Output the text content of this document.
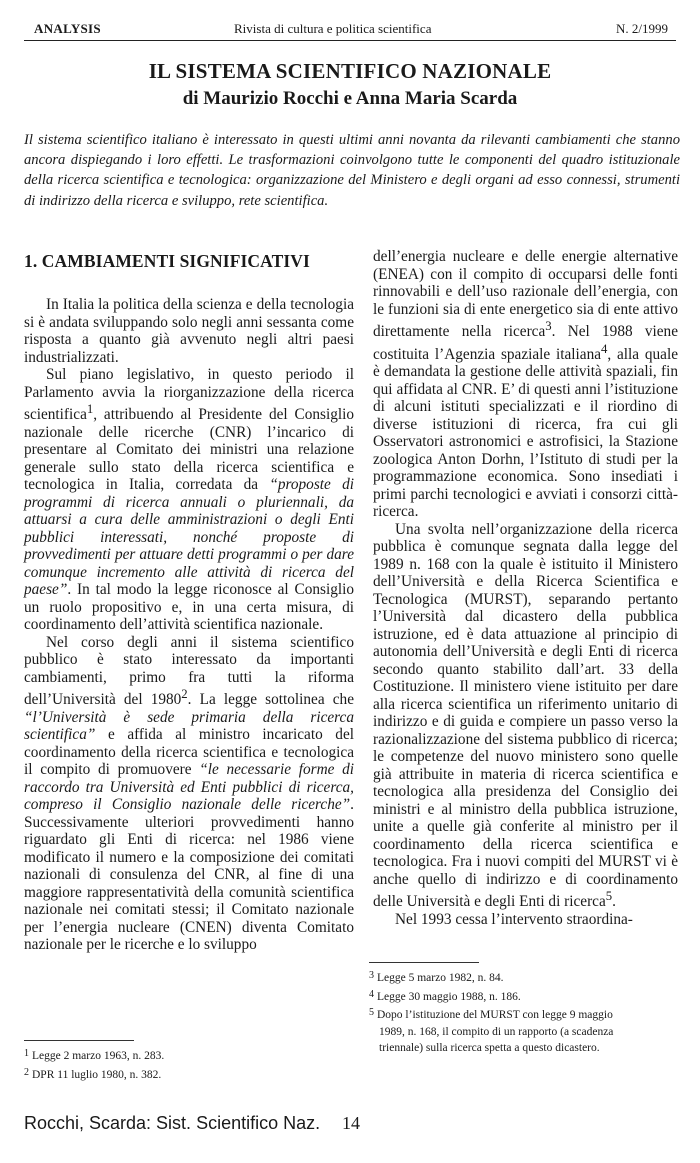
ANALYSIS	Rivista di cultura e politica scientifica	N. 2/1999
IL SISTEMA SCIENTIFICO NAZIONALE
di Maurizio Rocchi e Anna Maria Scarda
Il sistema scientifico italiano è interessato in questi ultimi anni novanta da rilevanti cambiamenti che stanno ancora dispiegando i loro effetti. Le trasformazioni coinvolgono tutte le componenti del quadro istituzionale della ricerca scientifica e tecnologica: organizzazione del Ministero e degli organi ad esso connessi, strumenti di indirizzo della ricerca e sviluppo, rete scientifica.
1. CAMBIAMENTI SIGNIFICATIVI

In Italia la politica della scienza e della tecnologia si è andata sviluppando solo negli anni sessanta come risposta a quanto già avvenuto negli altri paesi industrializzati.

Sul piano legislativo, in questo periodo il Parlamento avvia la riorganizzazione della ricerca scientifica$^1$, attribuendo al Presidente del Consiglio nazionale delle ricerche (CNR) l’incarico di presentare al Comitato dei ministri una relazione generale sullo stato della ricerca scientifica e tecnologica in Italia, corredata da “proposte di programmi di ricerca annuali o pluriennali, da attuarsi a cura delle amministrazioni o degli Enti pubblici interessati, nonché proposte di provvedimenti per attuare detti programmi o per dare comunque incremento alle attività di ricerca del paese”. In tal modo la legge riconosce al Consiglio un ruolo propositivo e, in una certa misura, di coordinamento dell’attività scientifica nazionale.

Nel corso degli anni il sistema scientifico pubblico è stato interessato da importanti cambiamenti, primo fra tutti la riforma dell’Università del 1980$^2$. La legge sottolinea che “l’Università è sede primaria della ricerca scientifica” e affida al ministro incaricato del coordinamento della ricerca scientifica e tecnologica il compito di promuovere “le necessarie forme di raccordo tra Università ed Enti pubblici di ricerca, compreso il Consiglio nazionale delle ricerche”. Successivamente ulteriori provvedimenti hanno riguardato gli Enti di ricerca: nel 1986 viene modificato il numero e la composizione dei comitati nazionali di consulenza del CNR, al fine di una maggiore rappresentatività della comunità scientifica nazionale nei comitati stessi; il Comitato nazionale per l’energia nucleare (CNEN) diventa Comitato nazionale per le ricerche e lo sviluppo

dell’energia nucleare e delle energie alternative (ENEA) con il compito di occuparsi delle fonti rinnovabili e dell’uso razionale dell’energia, con le funzioni sia di ente energetico sia di ente attivo direttamente nella ricerca$^3$. Nel 1988 viene costituita l’Agenzia spaziale italiana$^4$, alla quale è demandata la gestione delle attività spaziali, fin qui affidata al CNR. E’ di questi anni l’istituzione di alcuni istituti specializzati e il riordino di diverse istituzioni di ricerca, fra cui gli Osservatori astronomici e astrofisici, la Stazione zoologica Anton Dorhn, l’Istituto di studi per la programmazione economica. Sono insediati i primi parchi tecnologici e avviati i consorzi città-ricerca.

Una svolta nell’organizzazione della ricerca pubblica è comunque segnata dalla legge del 1989 n. 168 con la quale è istituito il Ministero dell’Università e della Ricerca Scientifica e Tecnologica (MURST), separando pertanto l’Università dal dicastero della pubblica istruzione, ed è data attuazione al principio di autonomia dell’Università e degli Enti di ricerca secondo quanto stabilito dall’art. 33 della Costituzione. Il ministero viene istituito per dare alla ricerca scientifica un riferimento unitario di indirizzo e di guida e compiere un passo verso la razionalizzazione del sistema pubblico di ricerca; le competenze del nuovo ministero sono quelle già attribuite in materia di ricerca scientifica e tecnologica alla presidenza del Consiglio dei ministri e al ministro della pubblica istruzione, unite a quelle già conferite al ministro per il coordinamento della ricerca scientifica e tecnologica. Fra i nuovi compiti del MURST vi è anche quello di indirizzo e di coordinamento delle Università e degli Enti di ricerca$^5$.

Nel 1993 cessa l’intervento straordina-

1 Legge 2 marzo 1963, n. 283.
2 DPR 11 luglio 1980, n. 382.
3 Legge 5 marzo 1982, n. 84.
4 Legge 30 maggio 1988, n. 186.
5 Dopo l’istituzione del MURST con legge 9 maggio
1989, n. 168, il compito di un rapporto (a scadenza
triennale) sulla ricerca spetta a questo dicastero.
Rocchi, Scarda: Sist. Scientifico Naz. 14
